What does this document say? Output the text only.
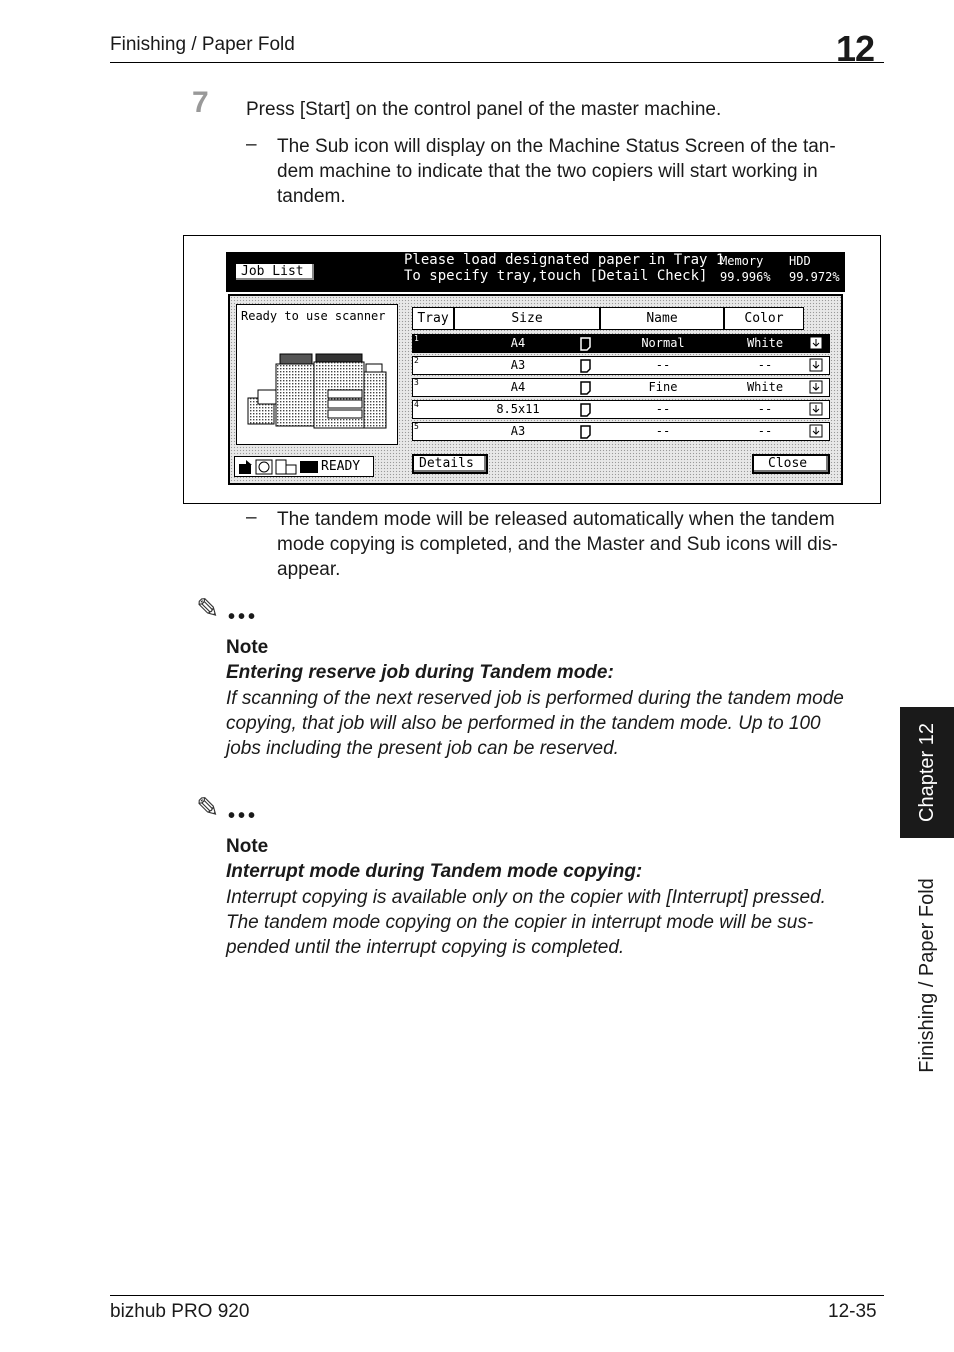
Finishing / Paper Fold	12
Chapter 12
Finishing / Paper Fold
7 Press [Start] on the control panel of the master machine.
– The Sub icon will display on the Machine Status Screen of the tan-
dem machine to indicate that the two copiers will start working in
tandem.
Job List
Please load designated paper in Tray 1
To specify tray,touch [Detail Check]
Memory
99.996%
HDD
99.972%
Ready to use scanner	Tray	Size	Name	Color
1	A4	Normal	White
2	A3	--	--
3	A4	Fine	White
4	8.5x11	--	--
5	A3	--	--
READY	Details	Close
– The tandem mode will be released automatically when the tandem
mode copying is completed, and the Master and Sub icons will dis-
appear.
✎ •••
Note
Entering reserve job during Tandem mode:
If scanning of the next reserved job is performed during the tandem mode
copying, that job will also be performed in the tandem mode. Up to 100
jobs including the present job can be reserved.
✎ •••
Note
Interrupt mode during Tandem mode copying:
Interrupt copying is available only on the copier with [Interrupt] pressed.
The tandem mode copying on the copier in interrupt mode will be sus-
pended until the interrupt copying is completed.
bizhub PRO 920	12-35
